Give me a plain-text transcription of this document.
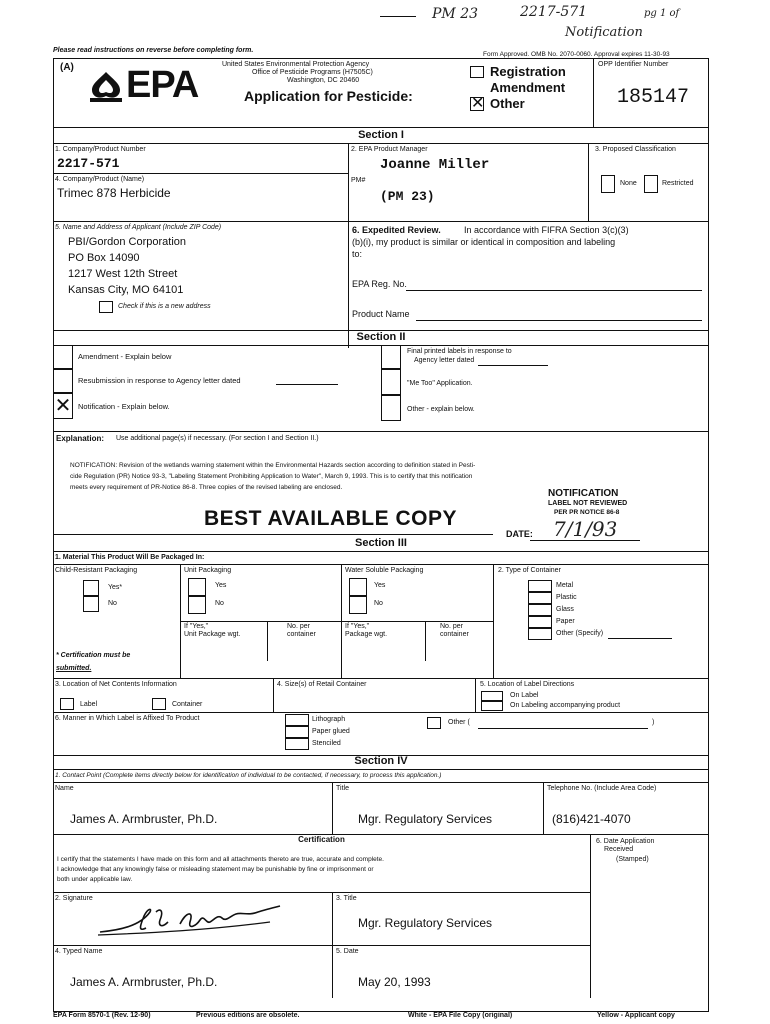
PM 23	2217-571	pg 1 of
Notification
Please read instructions on reverse before completing form.
Form Approved. OMB No. 2070-0060. Approval expires 11-30-93
(A) EPA	United States Environmental Protection Agency
Office of Pesticide Programs (H7505C)
Washington, DC 20460
Application for Pesticide:
Registration
Amendment
✕ Other
OPP Identifier Number
185147
Section I
1. Company/Product Number
2217-571
2. EPA Product Manager
Joanne Miller
3. Proposed Classification
None	Restricted
4. Company/Product (Name)
Trimec 878 Herbicide
PM#
(PM 23)
5. Name and Address of Applicant (Include ZIP Code)
PBI/Gordon Corporation
PO Box 14090
1217 West 12th Street
Kansas City, MO 64101
Check if this is a new address
6. Expedited Review.	In accordance with FIFRA Section 3(c)(3)
(b)(i), my product is similar or identical in composition and labeling
to:
EPA Reg. No.
Product Name
Section II
Amendment - Explain below
Resubmission in response to Agency letter dated
✕ Notification - Explain below.
Final printed labels in response to
Agency letter dated
"Me Too" Application.
Other - explain below.
Explanation: Use additional page(s) if necessary. (For section I and Section II.)
NOTIFICATION: Revision of the wetlands warning statement within the Environmental Hazards section according to definition stated in Pesti-
cide Regulation (PR) Notice 93-3, "Labeling Statement Prohibiting Application to Water", March 9, 1993. This is to certify that this notification
meets every requirement of PR-Notice 86-8. Three copies of the revised labeling are enclosed.
NOTIFICATION
LABEL NOT REVIEWED
PER PR NOTICE 86-8
DATE: 7/1/93
BEST AVAILABLE COPY
Section III
1. Material This Product Will Be Packaged In:
Child-Resistant Packaging	Unit Packaging	Water Soluble Packaging	2. Type of Container
Yes*
No
* Certification must be
submitted.
Yes
No
If "Yes,"
Unit Package wgt.
No. per
container
Yes
No
If "Yes,"
Package wgt.
No. per
container
Metal
Plastic
Glass
Paper
Other (Specify)
3. Location of Net Contents Information
Label	Container
4. Size(s) of Retail Container	5. Location of Label Directions
On Label
On Labeling accompanying product
6. Manner in Which Label is Affixed To Product	Lithograph
Paper glued
Stenciled
Other (	)
Section IV
1. Contact Point (Complete items directly below for identification of individual to be contacted, if necessary, to process this application.)
Name
James A. Armbruster, Ph.D.
Title
Mgr. Regulatory Services
Telephone No. (Include Area Code)
(816)421-4070
Certification
I certify that the statements I have made on this form and all attachments thereto are true, accurate and complete.
I acknowledge that any knowingly false or misleading statement may be punishable by fine or imprisonment or
both under applicable law.
6. Date Application
Received
(Stamped)
2. Signature	3. Title
Mgr. Regulatory Services
4. Typed Name
James A. Armbruster, Ph.D.
5. Date
May 20, 1993
EPA Form 8570-1 (Rev. 12-90)	Previous editions are obsolete.	White - EPA File Copy (original)	Yellow - Applicant copy
